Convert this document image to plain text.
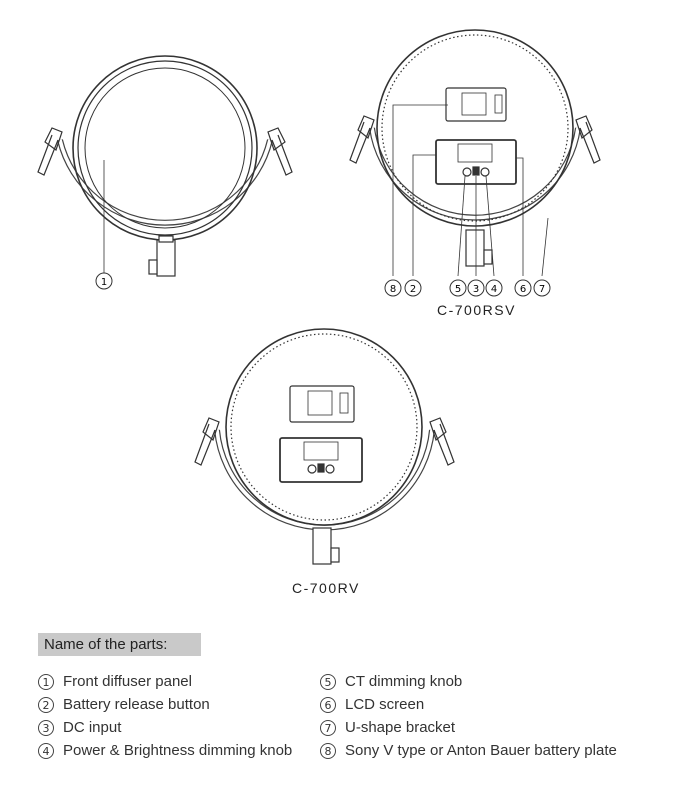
1
8 2	5 3 4 6 7
C-700RSV
C-700RV
Name of the parts:
1 Front diffuser panel
2 Battery release button
3 DC input
4 Power & Brightness dimming knob
5 CT dimming knob
6 LCD screen
7 U-shape bracket
8 Sony V type or Anton Bauer battery plate
